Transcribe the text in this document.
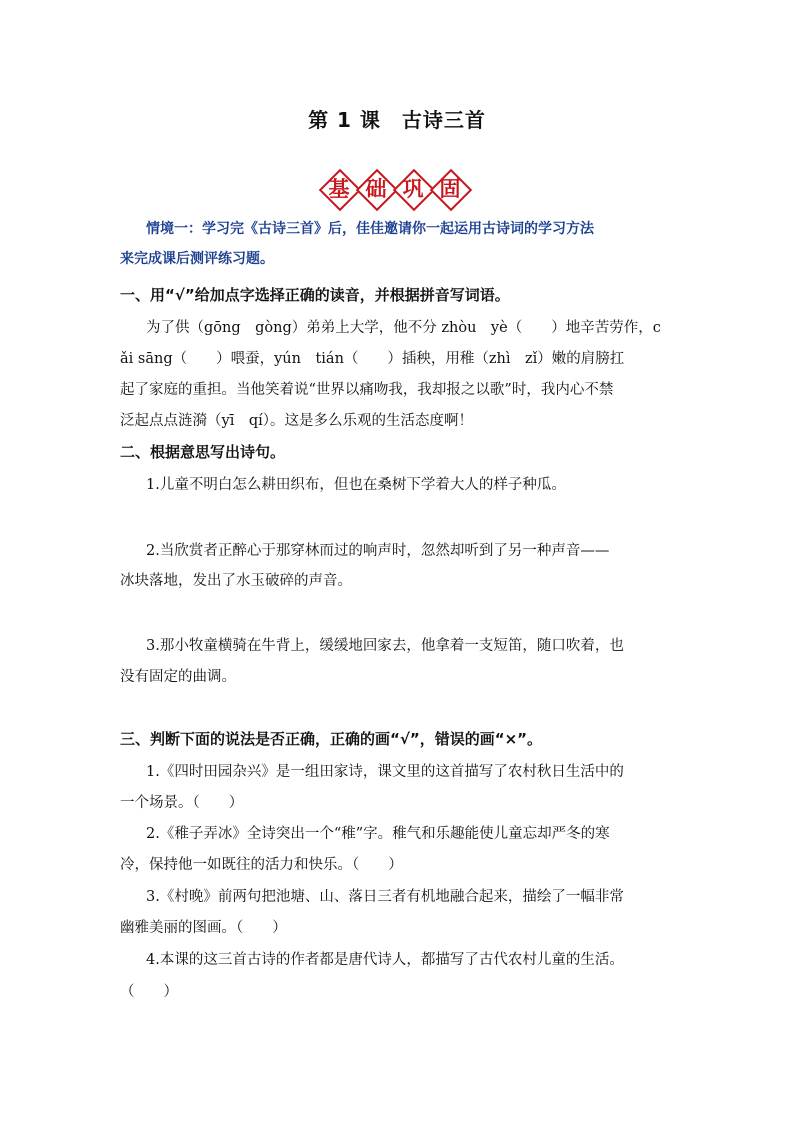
第 1 课　古诗三首
基 础 巩 固
情境一：学习完《古诗三首》后，佳佳邀请你一起运用古诗词的学习方法
来完成课后测评练习题。
一、用“√”给加点字选择正确的读音，并根据拼音写词语。
为了供（gōng　gòng）弟弟上大学，他不分 zhòu　yè（　　）地辛苦劳作，c
ǎi sāng（　　）喂蚕，yún　tián（　　）插秧，用稚（zhì　zǐ）嫩的肩膀扛
起了家庭的重担。当他笑着说“世界以痛吻我，我却报之以歌”时，我内心不禁
泛起点点涟漪（yī　qí）。这是多么乐观的生活态度啊！
二、根据意思写出诗句。
1.儿童不明白怎么耕田织布，但也在桑树下学着大人的样子种瓜。
2.当欣赏者正醉心于那穿林而过的响声时，忽然却听到了另一种声音——
冰块落地，发出了水玉破碎的声音。
3.那小牧童横骑在牛背上，缓缓地回家去，他拿着一支短笛，随口吹着，也
没有固定的曲调。
三、判断下面的说法是否正确，正确的画“√”，错误的画“×”。
1.《四时田园杂兴》是一组田家诗，课文里的这首描写了农村秋日生活中的
一个场景。（　　）
2.《稚子弄冰》全诗突出一个“稚”字。稚气和乐趣能使儿童忘却严冬的寒
冷，保持他一如既往的活力和快乐。（　　）
3.《村晚》前两句把池塘、山、落日三者有机地融合起来，描绘了一幅非常
幽雅美丽的图画。（　　）
4.本课的这三首古诗的作者都是唐代诗人，都描写了古代农村儿童的生活。
（　　）
